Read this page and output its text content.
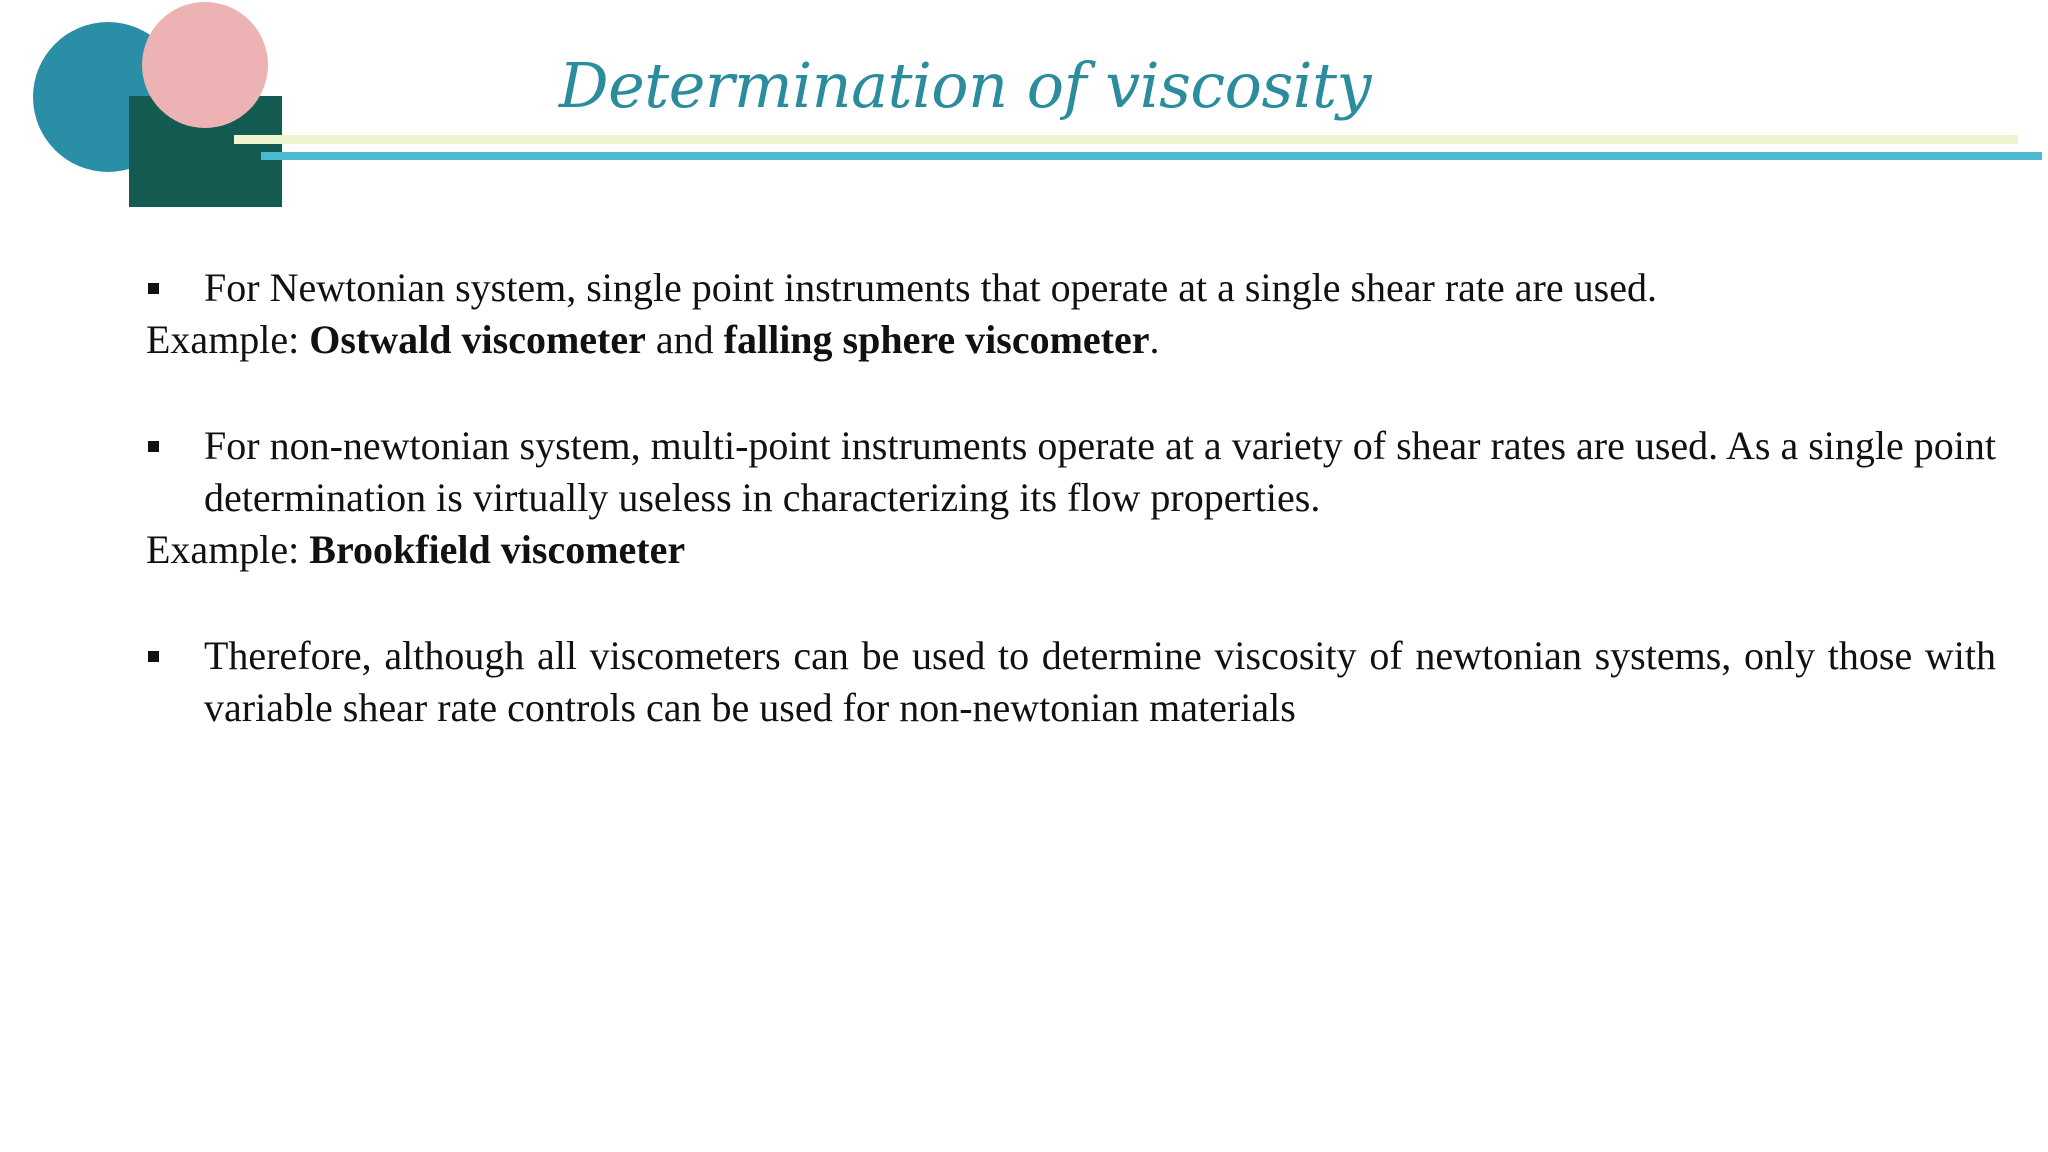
Determination of viscosity
For Newtonian system, single point instruments that operate at a single shear rate are used.
Example: Ostwald viscometer and falling sphere viscometer.
For non-newtonian system, multi-point instruments operate at a variety of shear rates are used. As a single point determination is virtually useless in characterizing its flow properties.
Example: Brookfield viscometer
Therefore, although all viscometers can be used to determine viscosity of newtonian systems, only those with variable shear rate controls can be used for non-newtonian materials
